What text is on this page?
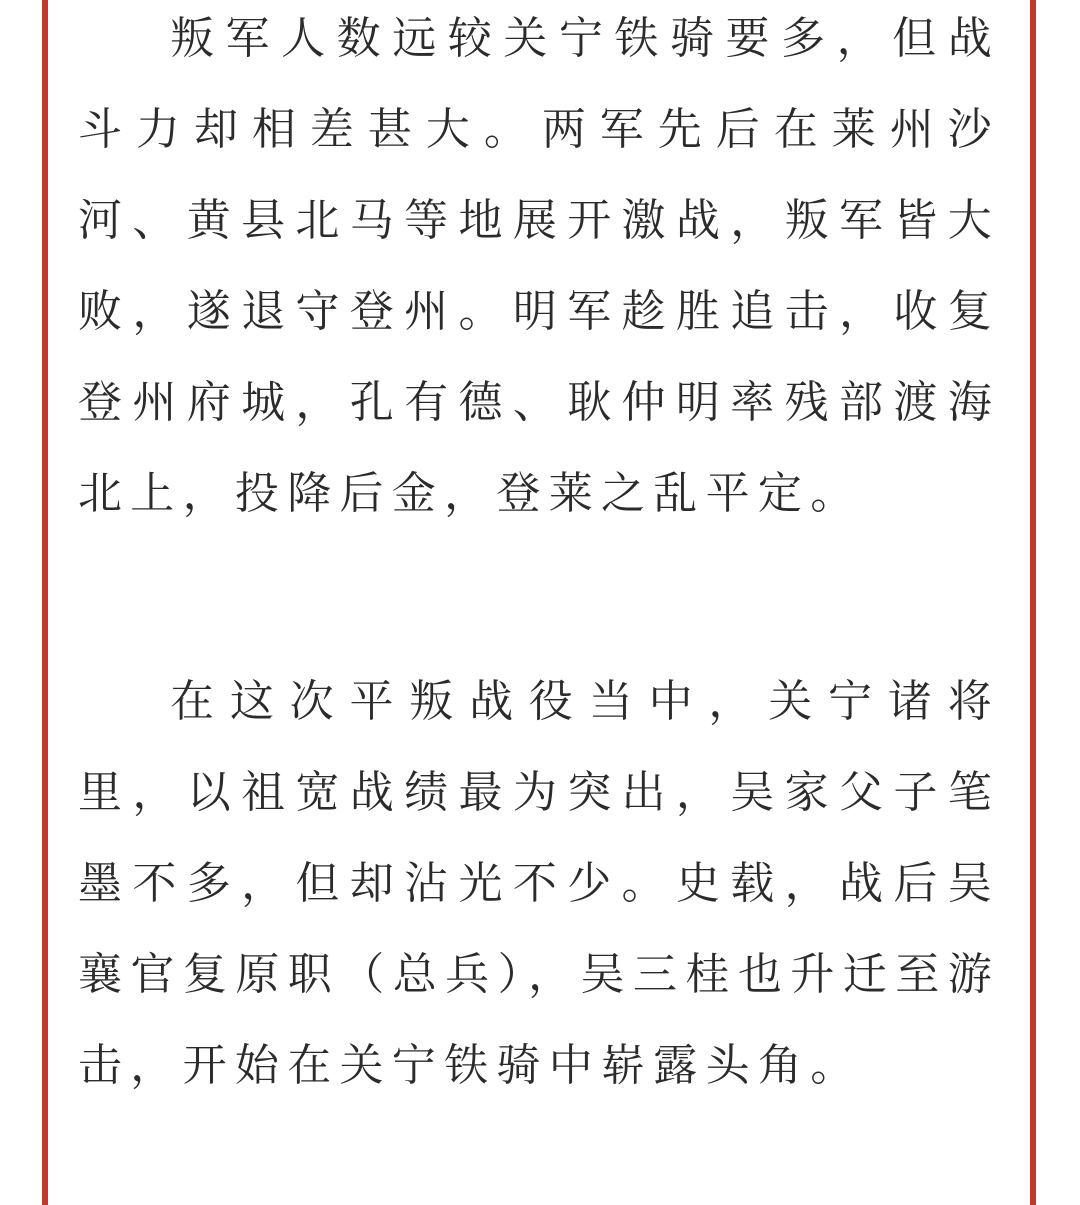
叛军人数远较关宁铁骑要多，但战斗力却相差甚大。两军先后在莱州沙河、黄县北马等地展开激战，叛军皆大败，遂退守登州。明军趁胜追击，收复登州府城，孔有德、耿仲明率残部渡海北上，投降后金，登莱之乱平定。

在这次平叛战役当中，关宁诸将里，以祖宽战绩最为突出，吴家父子笔墨不多，但却沾光不少。史载，战后吴襄官复原职（总兵），吴三桂也升迁至游击，开始在关宁铁骑中崭露头角。
